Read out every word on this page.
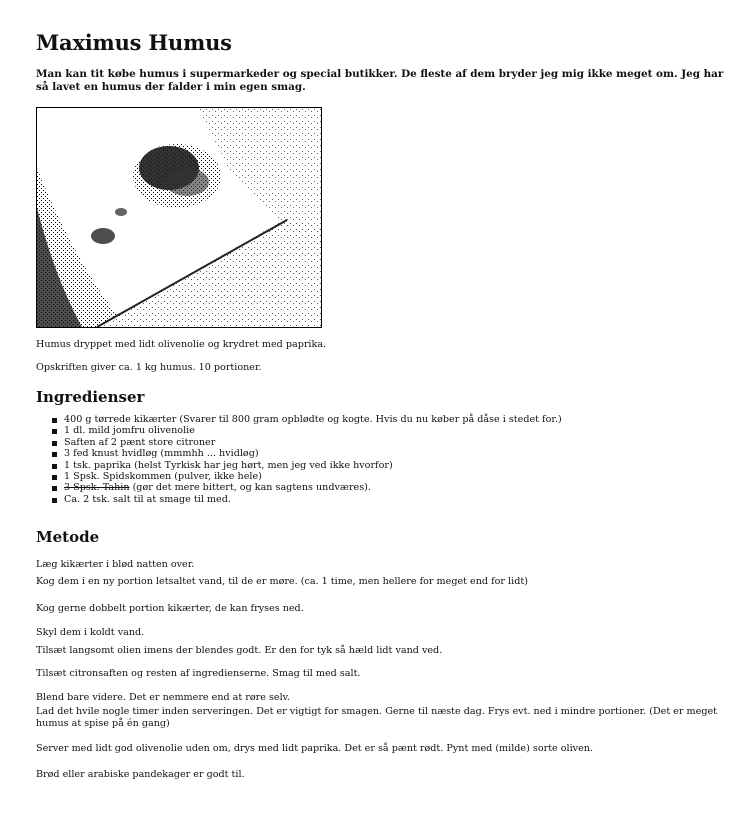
Maximus Humus

Man kan tit købe humus i supermarkeder og special butikker. De fleste af dem bryder jeg mig ikke meget om. Jeg har så lavet en humus der falder i min egen smag.

Humus dryppet med lidt olivenolie og krydret med paprika.

Opskriften giver ca. 1 kg humus. 10 portioner.

Ingredienser
400 g tørrede kikærter (Svarer til 800 gram opblødte og kogte. Hvis du nu køber på dåse i stedet for.)
1 dl. mild jomfru olivenolie
Saften af 2 pænt store citroner
3 fed knust hvidløg (mmmhh ... hvidløg)
1 tsk. paprika (helst Tyrkisk har jeg hørt, men jeg ved ikke hvorfor)
1 Spsk. Spidskommen (pulver, ikke hele)
3 Spsk. Tahin (gør det mere bittert, og kan sagtens undværes).
Ca. 2 tsk. salt til at smage til med.
Metode

Læg kikærter i blød natten over.

Kog dem i en ny portion letsaltet vand, til de er møre. (ca. 1 time, men hellere for meget end for lidt)

Kog gerne dobbelt portion kikærter, de kan fryses ned.

Skyl dem i koldt vand.

Tilsæt langsomt olien imens der blendes godt. Er den for tyk så hæld lidt vand ved.

Tilsæt citronsaften og resten af ingredienserne. Smag til med salt.

Blend bare videre. Det er nemmere end at røre selv.

Lad det hvile nogle timer inden serveringen. Det er vigtigt for smagen. Gerne til næste dag. Frys evt. ned i mindre portioner. (Det er meget humus at spise på én gang)

Server med lidt god olivenolie uden om, drys med lidt paprika. Det er så pænt rødt. Pynt med (milde) sorte oliven.

Brød eller arabiske pandekager er godt til.
